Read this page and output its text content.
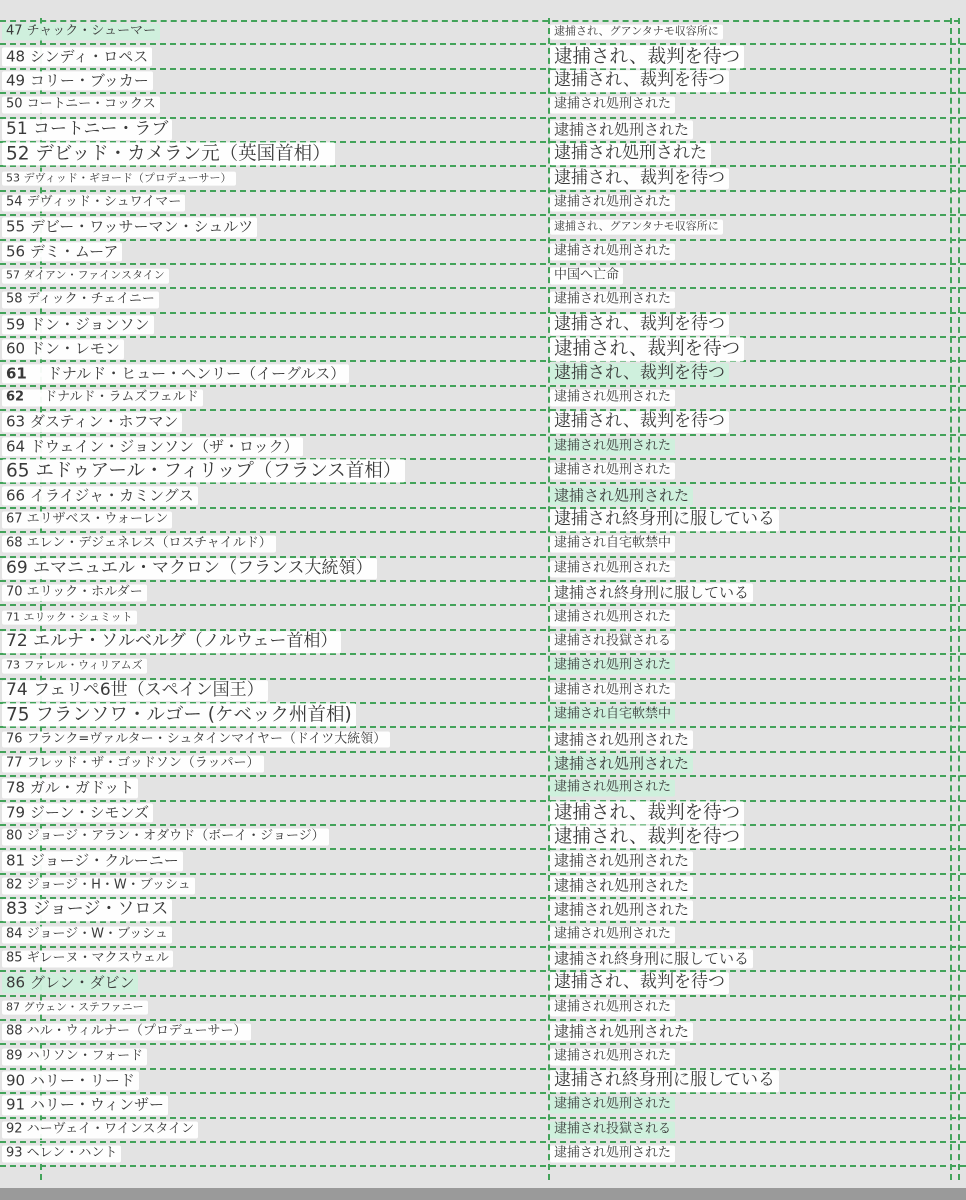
47 チャック・シューマー	逮捕され、グアンタナモ収容所に
48 シンディ・ロペス	逮捕され、裁判を待つ
49 コリー・ブッカー	逮捕され、裁判を待つ
50 コートニー・コックス	逮捕され処刑された
51 コートニー・ラブ	逮捕され処刑された
52 デビッド・カメラン元（英国首相）	逮捕され処刑された
53 デヴィッド・ギヨード（プロデューサー）	逮捕され、裁判を待つ
54 デヴィッド・シュワイマー	逮捕され処刑された
55 デビー・ワッサーマン・シュルツ	逮捕され、グアンタナモ収容所に
56 デミ・ムーア	逮捕され処刑された
57 ダイアン・ファインスタイン	中国へ亡命
58 ディック・チェイニー	逮捕され処刑された
59 ドン・ジョンソン	逮捕され、裁判を待つ
60 ドン・レモン	逮捕され、裁判を待つ
61 ドナルド・ヒュー・ヘンリー（イーグルス）	逮捕され、裁判を待つ
62 ドナルド・ラムズフェルド	逮捕され処刑された
63 ダスティン・ホフマン	逮捕され、裁判を待つ
64 ドウェイン・ジョンソン（ザ・ロック）	逮捕され処刑された
65 エドゥアール・フィリップ（フランス首相）	逮捕され処刑された
66 イライジャ・カミングス	逮捕され処刑された
67 エリザベス・ウォーレン	逮捕され終身刑に服している
68 エレン・デジェネレス（ロスチャイルド）	逮捕され自宅軟禁中
69 エマニュエル・マクロン（フランス大統領）	逮捕され処刑された
70 エリック・ホルダー	逮捕され終身刑に服している
71 エリック・シュミット	逮捕され処刑された
72 エルナ・ソルベルグ（ノルウェー首相）	逮捕され投獄される
73 ファレル・ウィリアムズ	逮捕され処刑された
74 フェリペ6世（スペイン国王）	逮捕され処刑された
75 フランソワ・ルゴー (ケベック州首相)	逮捕され自宅軟禁中
76 フランク=ヴァルター・シュタインマイヤー（ドイツ大統領）	逮捕され処刑された
77 フレッド・ザ・ゴッドソン（ラッパー）	逮捕され処刑された
78 ガル・ガドット	逮捕され処刑された
79 ジーン・シモンズ	逮捕され、裁判を待つ
80 ジョージ・アラン・オダウド（ボーイ・ジョージ）	逮捕され、裁判を待つ
81 ジョージ・クルーニー	逮捕され処刑された
82 ジョージ・H・W・ブッシュ	逮捕され処刑された
83 ジョージ・ソロス	逮捕され処刑された
84 ジョージ・W・ブッシュ	逮捕され処刑された
85 ギレーヌ・マクスウェル	逮捕され終身刑に服している
86 グレン・ダビン	逮捕され、裁判を待つ
87 グウェン・ステファニー	逮捕され処刑された
88 ハル・ウィルナー（プロデューサー）	逮捕され処刑された
89 ハリソン・フォード	逮捕され処刑された
90 ハリー・リード	逮捕され終身刑に服している
91 ハリー・ウィンザー	逮捕され処刑された
92 ハーヴェイ・ワインスタイン	逮捕され投獄される
93 ヘレン・ハント	逮捕され処刑された
